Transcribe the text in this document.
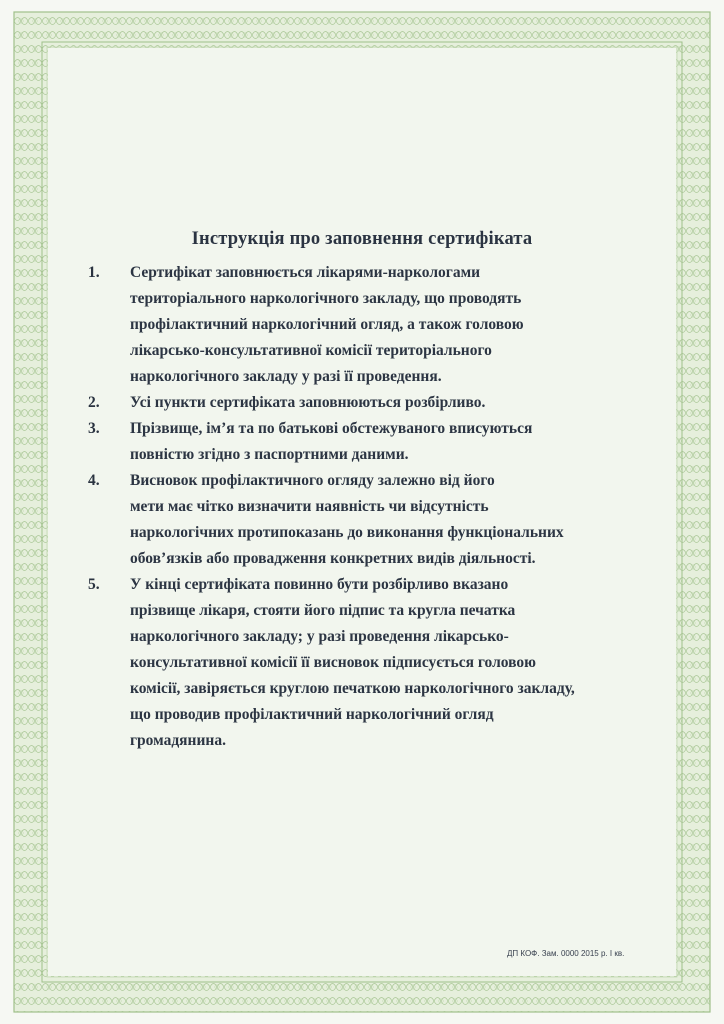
Інструкція про заповнення сертифіката
1.	Сертифікат заповнюється лікарями-наркологами
територіального наркологічного закладу, що проводять
профілактичний наркологічний огляд, а також головою
лікарсько-консультативної комісії територіального
наркологічного закладу у разі її проведення.
2.	Усі пункти сертифіката заповнюються розбірливо.
3.	Прізвище, ім’я та по батькові обстежуваного вписуються
повністю згідно з паспортними даними.
4.	Висновок профілактичного огляду залежно від його
мети має чітко визначити наявність чи відсутність
наркологічних протипоказань до виконання функціональних
обов’язків або провадження конкретних видів діяльності.
5.	У кінці сертифіката повинно бути розбірливо вказано
прізвище лікаря, стояти його підпис та кругла печатка
наркологічного закладу; у разі проведення лікарсько-
консультативної комісії її висновок підписується головою
комісії, завіряється круглою печаткою наркологічного закладу,
що проводив профілактичний наркологічний огляд
громадянина.
ДП КОФ. Зам. 0000 2015 р. І кв.
